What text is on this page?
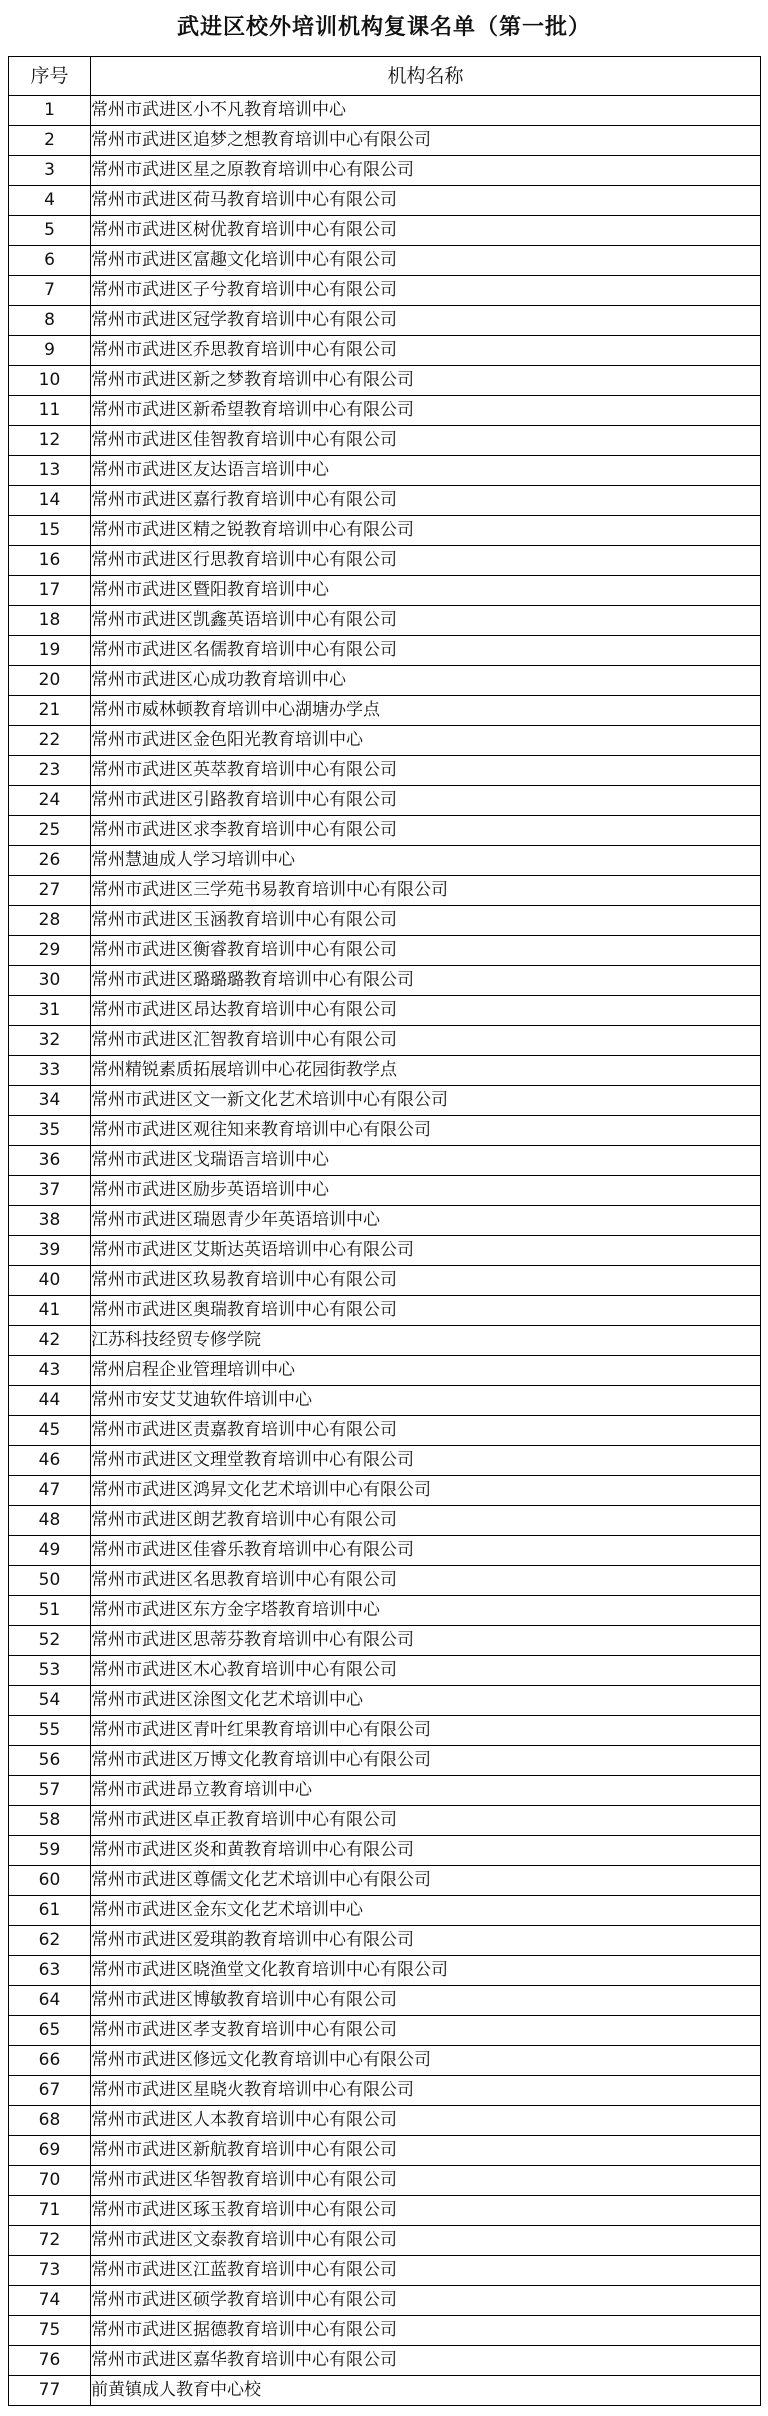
武进区校外培训机构复课名单（第一批）
序号	机构名称
1	常州市武进区小不凡教育培训中心
2	常州市武进区追梦之想教育培训中心有限公司
3	常州市武进区星之原教育培训中心有限公司
4	常州市武进区荷马教育培训中心有限公司
5	常州市武进区树优教育培训中心有限公司
6	常州市武进区富趣文化培训中心有限公司
7	常州市武进区子兮教育培训中心有限公司
8	常州市武进区冠学教育培训中心有限公司
9	常州市武进区乔思教育培训中心有限公司
10	常州市武进区新之梦教育培训中心有限公司
11	常州市武进区新希望教育培训中心有限公司
12	常州市武进区佳智教育培训中心有限公司
13	常州市武进区友达语言培训中心
14	常州市武进区嘉行教育培训中心有限公司
15	常州市武进区精之锐教育培训中心有限公司
16	常州市武进区行思教育培训中心有限公司
17	常州市武进区暨阳教育培训中心
18	常州市武进区凯鑫英语培训中心有限公司
19	常州市武进区名儒教育培训中心有限公司
20	常州市武进区心成功教育培训中心
21	常州市威林顿教育培训中心湖塘办学点
22	常州市武进区金色阳光教育培训中心
23	常州市武进区英萃教育培训中心有限公司
24	常州市武进区引路教育培训中心有限公司
25	常州市武进区求李教育培训中心有限公司
26	常州慧迪成人学习培训中心
27	常州市武进区三学苑书易教育培训中心有限公司
28	常州市武进区玉涵教育培训中心有限公司
29	常州市武进区衡睿教育培训中心有限公司
30	常州市武进区璐璐璐教育培训中心有限公司
31	常州市武进区昂达教育培训中心有限公司
32	常州市武进区汇智教育培训中心有限公司
33	常州精锐素质拓展培训中心花园街教学点
34	常州市武进区文一新文化艺术培训中心有限公司
35	常州市武进区观往知来教育培训中心有限公司
36	常州市武进区戈瑞语言培训中心
37	常州市武进区励步英语培训中心
38	常州市武进区瑞恩青少年英语培训中心
39	常州市武进区艾斯达英语培训中心有限公司
40	常州市武进区玖易教育培训中心有限公司
41	常州市武进区奥瑞教育培训中心有限公司
42	江苏科技经贸专修学院
43	常州启程企业管理培训中心
44	常州市安艾艾迪软件培训中心
45	常州市武进区责嘉教育培训中心有限公司
46	常州市武进区文理堂教育培训中心有限公司
47	常州市武进区鸿昇文化艺术培训中心有限公司
48	常州市武进区朗艺教育培训中心有限公司
49	常州市武进区佳睿乐教育培训中心有限公司
50	常州市武进区名思教育培训中心有限公司
51	常州市武进区东方金字塔教育培训中心
52	常州市武进区思蒂芬教育培训中心有限公司
53	常州市武进区木心教育培训中心有限公司
54	常州市武进区涂图文化艺术培训中心
55	常州市武进区青叶红果教育培训中心有限公司
56	常州市武进区万博文化教育培训中心有限公司
57	常州市武进昂立教育培训中心
58	常州市武进区卓正教育培训中心有限公司
59	常州市武进区炎和黄教育培训中心有限公司
60	常州市武进区尊儒文化艺术培训中心有限公司
61	常州市武进区金东文化艺术培训中心
62	常州市武进区爱琪韵教育培训中心有限公司
63	常州市武进区晓渔堂文化教育培训中心有限公司
64	常州市武进区博敏教育培训中心有限公司
65	常州市武进区孝支教育培训中心有限公司
66	常州市武进区修远文化教育培训中心有限公司
67	常州市武进区星晓火教育培训中心有限公司
68	常州市武进区人本教育培训中心有限公司
69	常州市武进区新航教育培训中心有限公司
70	常州市武进区华智教育培训中心有限公司
71	常州市武进区琢玉教育培训中心有限公司
72	常州市武进区文泰教育培训中心有限公司
73	常州市武进区江蓝教育培训中心有限公司
74	常州市武进区硕学教育培训中心有限公司
75	常州市武进区据德教育培训中心有限公司
76	常州市武进区嘉华教育培训中心有限公司
77	前黄镇成人教育中心校
